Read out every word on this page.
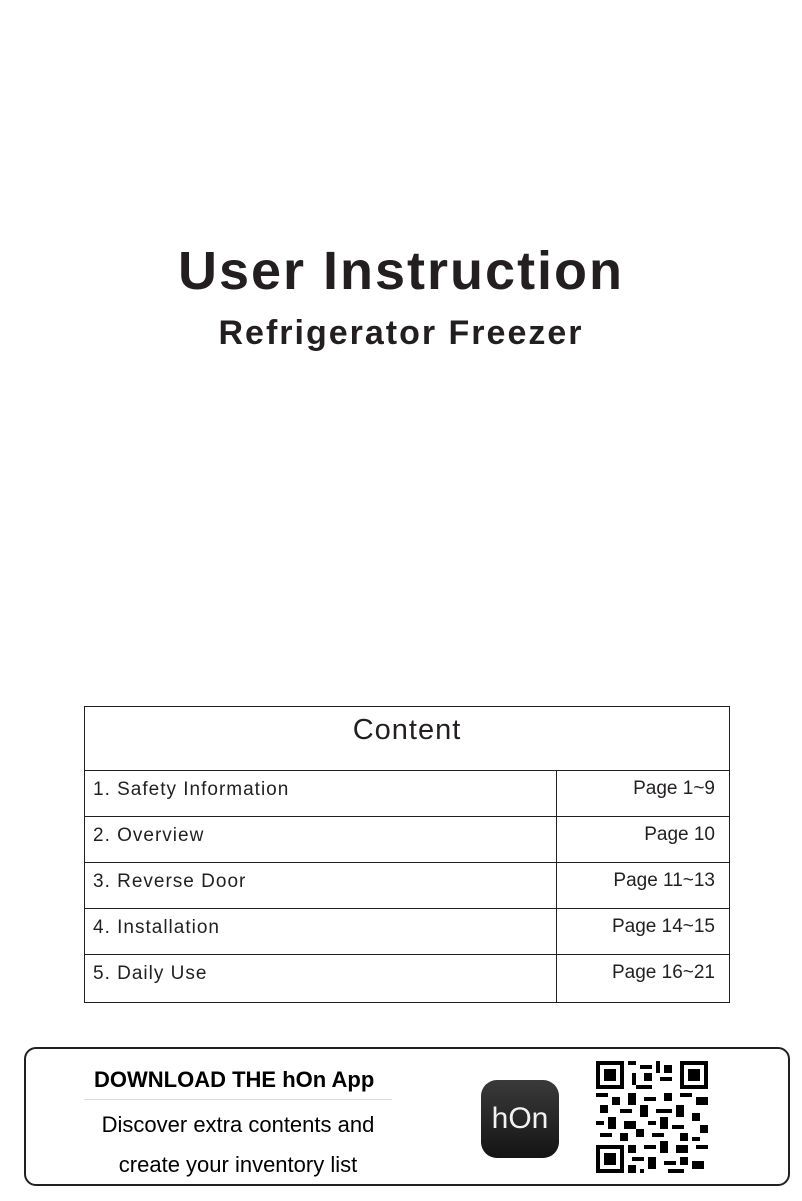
User Instruction
Refrigerator Freezer
Content
1. Safety Information	Page 1~9
2. Overview	Page 10
3. Reverse Door	Page 11~13
4. Installation	Page 14~15
5. Daily Use	Page 16~21
DOWNLOAD THE hOn App
Discover extra contents and
create your inventory list
hOn
